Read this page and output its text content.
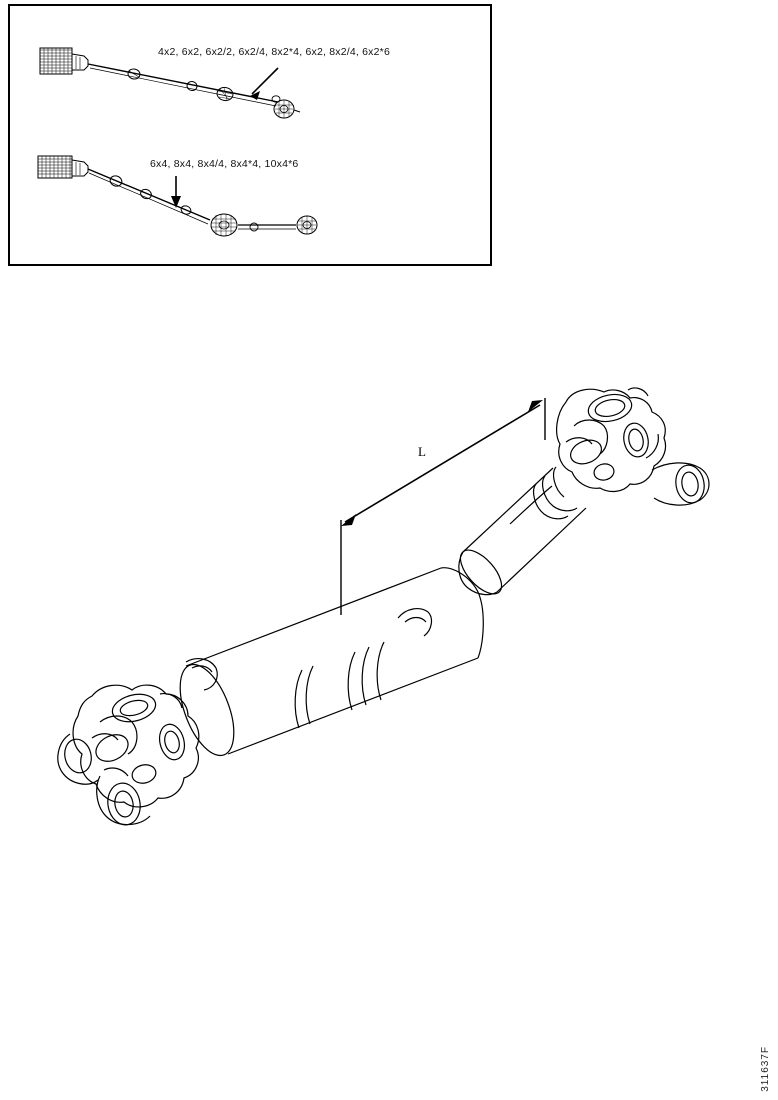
4x2, 6x2, 6x2/2, 6x2/4, 8x2*4, 6x2, 8x2/4, 6x2*6
6x4, 8x4, 8x4/4, 8x4*4, 10x4*6
L
311637F
